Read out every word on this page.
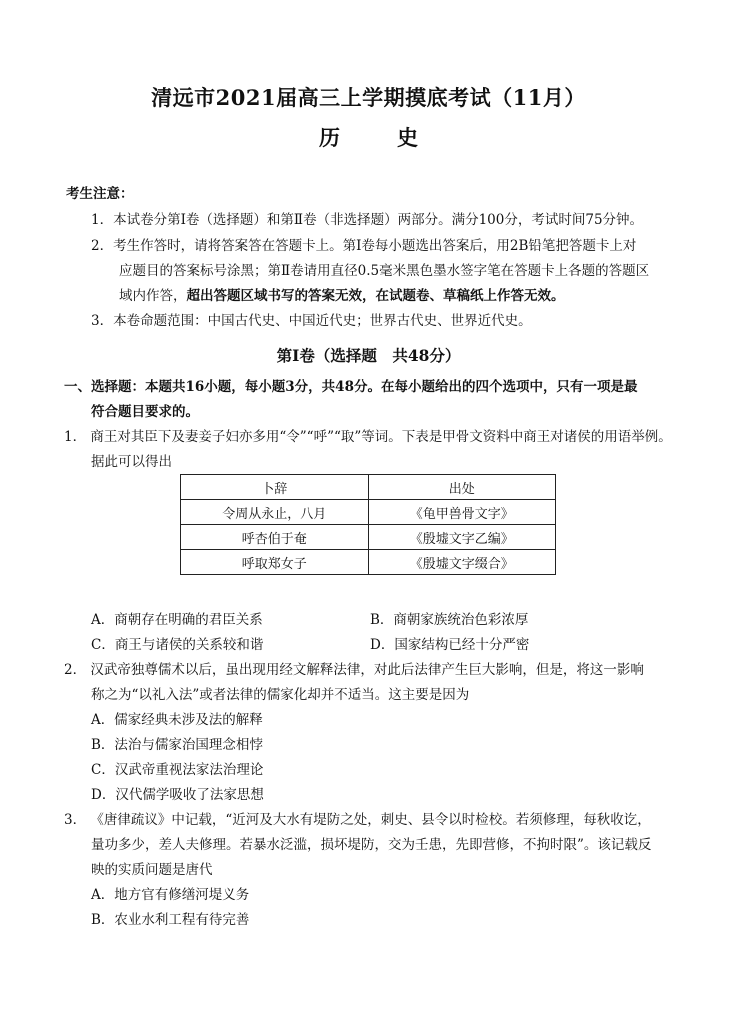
清远市2021届高三上学期摸底考试（11月）
历　史
考生注意：
1．本试卷分第Ⅰ卷（选择题）和第Ⅱ卷（非选择题）两部分。满分100分，考试时间75分钟。
2．考生作答时，请将答案答在答题卡上。第Ⅰ卷每小题选出答案后，用2B铅笔把答题卡上对
应题目的答案标号涂黑；第Ⅱ卷请用直径0.5毫米黑色墨水签字笔在答题卡上各题的答题区
域内作答，超出答题区域书写的答案无效，在试题卷、草稿纸上作答无效。
3．本卷命题范围：中国古代史、中国近代史；世界古代史、世界近代史。
第Ⅰ卷（选择题　共48分）
一、选择题：本题共16小题，每小题3分，共48分。在每小题给出的四个选项中，只有一项是最
符合题目要求的。
1． 商王对其臣下及妻妾子妇亦多用“令”“呼”“取”等词。下表是甲骨文资料中商王对诸侯的用语举例。
据此可以得出
卜辞	出处
令周从永止，八月	《龟甲兽骨文字》
呼杏伯于奄	《殷墟文字乙编》
呼取郑女子	《殷墟文字缀合》
A．商朝存在明确的君臣关系	B．商朝家族统治色彩浓厚
C．商王与诸侯的关系较和谐	D．国家结构已经十分严密
2． 汉武帝独尊儒术以后，虽出现用经文解释法律，对此后法律产生巨大影响，但是，将这一影响
称之为“以礼入法”或者法律的儒家化却并不适当。这主要是因为
A．儒家经典未涉及法的解释
B．法治与儒家治国理念相悖
C．汉武帝重视法家法治理论
D．汉代儒学吸收了法家思想
3． 《唐律疏议》中记载，“近河及大水有堤防之处，刺史、县令以时检校。若须修理，每秋收讫，
量功多少，差人夫修理。若暴水泛滥，损坏堤防，交为壬患，先即营修，不拘时限”。该记载反
映的实质问题是唐代
A．地方官有修缮河堤义务
B．农业水利工程有待完善
